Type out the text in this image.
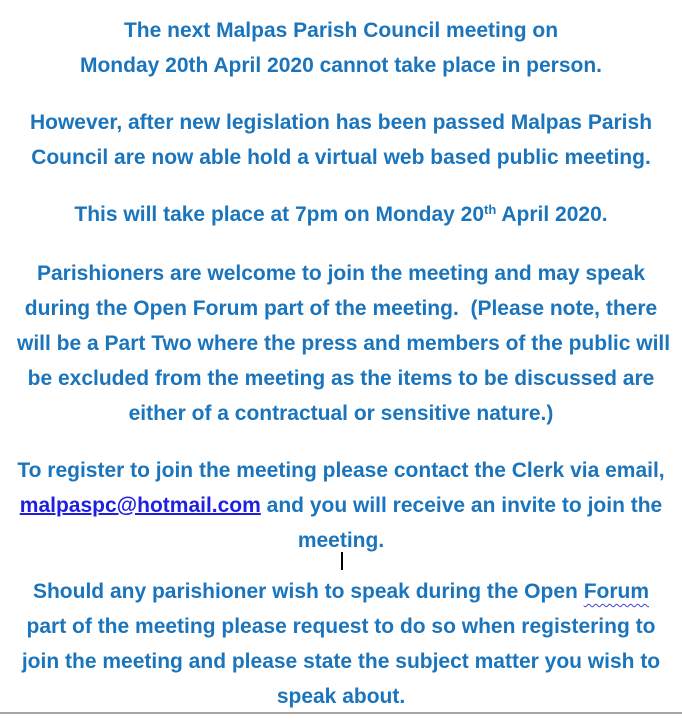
The next Malpas Parish Council meeting on
Monday 20th April 2020 cannot take place in person.
However, after new legislation has been passed Malpas Parish
Council are now able hold a virtual web based public meeting.
This will take place at 7pm on Monday 20th April 2020.
Parishioners are welcome to join the meeting and may speak
during the Open Forum part of the meeting.  (Please note, there
will be a Part Two where the press and members of the public will
be excluded from the meeting as the items to be discussed are
either of a contractual or sensitive nature.)
To register to join the meeting please contact the Clerk via email,
malpaspc@hotmail.com and you will receive an invite to join the
meeting.
Should any parishioner wish to speak during the Open Forum
part of the meeting please request to do so when registering to
join the meeting and please state the subject matter you wish to
speak about.
